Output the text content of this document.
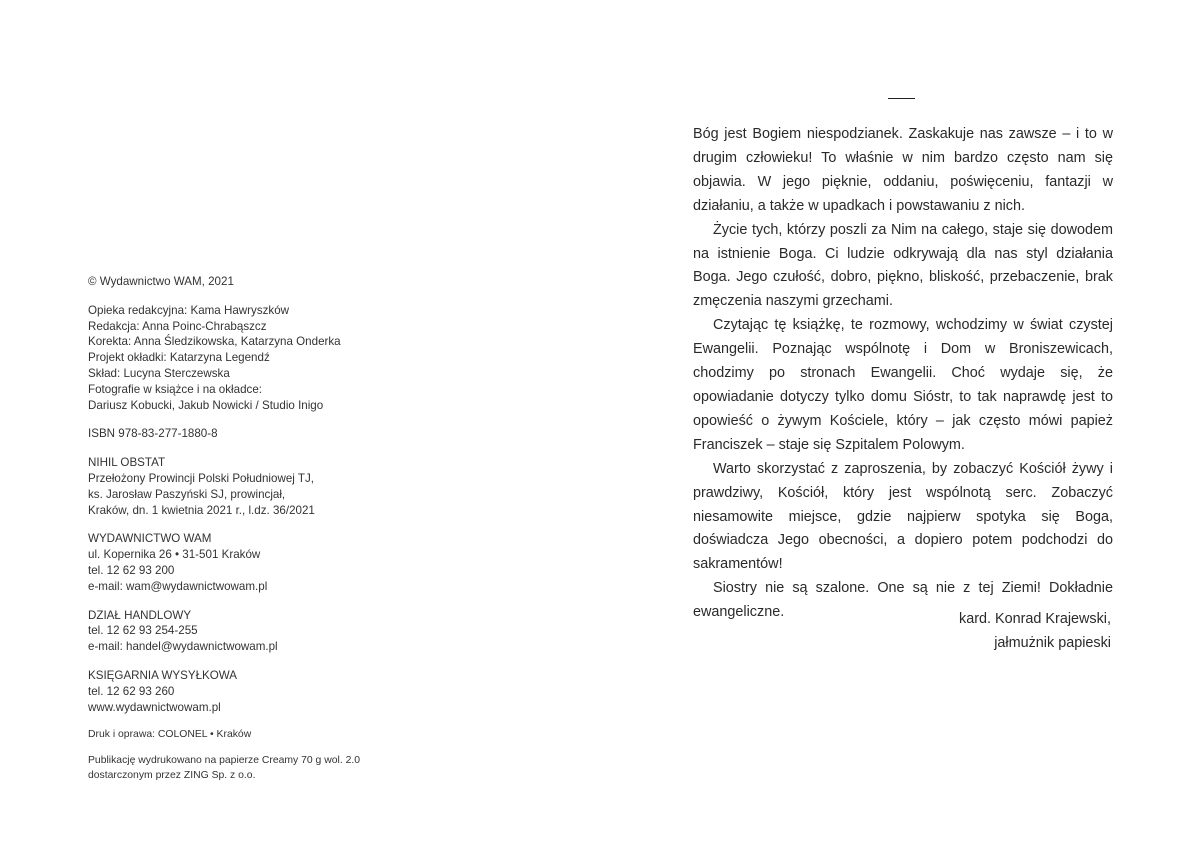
© Wydawnictwo WAM, 2021
Opieka redakcyjna: Kama Hawryszków
Redakcja: Anna Poinc-Chrabąszcz
Korekta: Anna Śledzikowska, Katarzyna Onderka
Projekt okładki: Katarzyna Legendź
Skład: Lucyna Sterczewska
Fotografie w książce i na okładce:
Dariusz Kobucki, Jakub Nowicki / Studio Inigo
ISBN 978-83-277-1880-8
NIHIL OBSTAT
Przełożony Prowincji Polski Południowej TJ,
ks. Jarosław Paszyński SJ, prowincjał,
Kraków, dn. 1 kwietnia 2021 r., l.dz. 36/2021
WYDAWNICTWO WAM
ul. Kopernika 26 • 31-501 Kraków
tel. 12 62 93 200
e-mail: wam@wydawnictwowam.pl
DZIAŁ HANDLOWY
tel. 12 62 93 254-255
e-mail: handel@wydawnictwowam.pl
KSIĘGARNIA WYSYŁKOWA
tel. 12 62 93 260
www.wydawnictwowam.pl
Druk i oprawa: COLONEL • Kraków
Publikację wydrukowano na papierze Creamy 70 g wol. 2.0
dostarczonym przez ZING Sp. z o.o.

Bóg jest Bogiem niespodzianek. Zaskakuje nas zawsze – i to w drugim człowieku! To właśnie w nim bardzo często nam się objawia. W jego pięknie, oddaniu, poświęceniu, fantazji w działaniu, a także w upadkach i powstawaniu z nich.

Życie tych, którzy poszli za Nim na całego, staje się dowodem na istnienie Boga. Ci ludzie odkrywają dla nas styl działania Boga. Jego czułość, dobro, piękno, bliskość, przebaczenie, brak zmęczenia naszymi grzechami.

Czytając tę książkę, te rozmowy, wchodzimy w świat czystej Ewangelii. Poznając wspólnotę i Dom w Broniszewicach, chodzimy po stronach Ewangelii. Choć wydaje się, że opowiadanie dotyczy tylko domu Sióstr, to tak naprawdę jest to opowieść o żywym Kościele, który – jak często mówi papież Franciszek – staje się Szpitalem Polowym.

Warto skorzystać z zaproszenia, by zobaczyć Kościół żywy i prawdziwy, Kościół, który jest wspólnotą serc. Zobaczyć niesamowite miejsce, gdzie najpierw spotyka się Boga, doświadcza Jego obecności, a dopiero potem podchodzi do sakramentów!

Siostry nie są szalone. One są nie z tej Ziemi! Dokładnie ewangeliczne.	kard. Konrad Krajewski,
jałmużnik papieski
